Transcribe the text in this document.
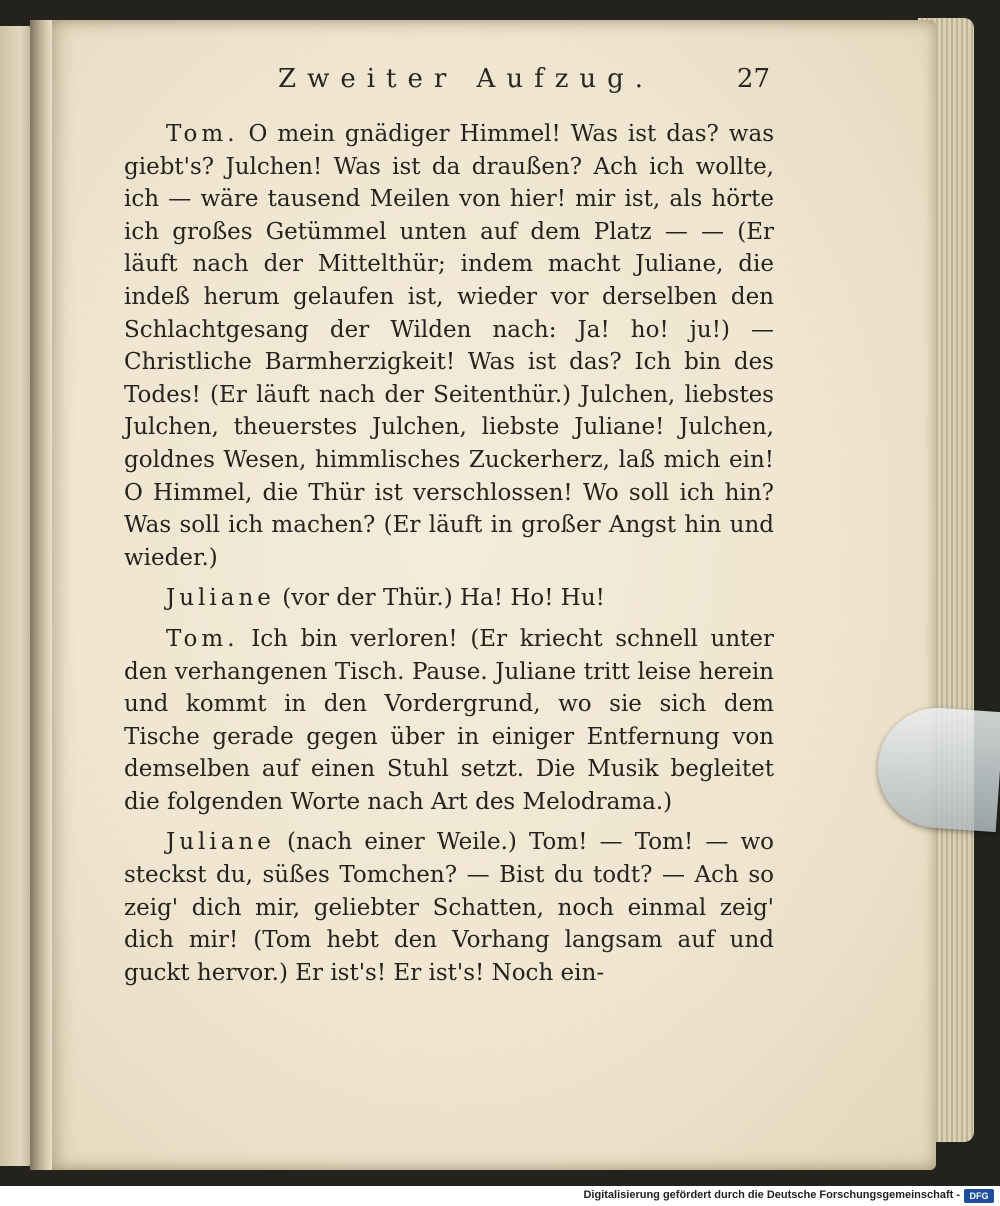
Zweiter Aufzug.	27

Tom. O mein gnädiger Himmel! Was ist das? was giebt's? Julchen! Was ist da draußen? Ach ich wollte, ich — wäre tausend Meilen von hier! mir ist, als hörte ich großes Getümmel unten auf dem Platz — — (Er läuft nach der Mittelthür; indem macht Juliane, die indeß herum gelaufen ist, wieder vor derselben den Schlachtgesang der Wilden nach: Ja! ho! ju!) — Christliche Barmherzigkeit! Was ist das? Ich bin des Todes! (Er läuft nach der Seitenthür.) Julchen, liebstes Julchen, theuerstes Julchen, liebste Juliane! Julchen, goldnes Wesen, himmlisches Zuckerherz, laß mich ein! O Himmel, die Thür ist verschlossen! Wo soll ich hin? Was soll ich machen? (Er läuft in großer Angst hin und wieder.)

Juliane (vor der Thür.) Ha! Ho! Hu!

Tom. Ich bin verloren! (Er kriecht schnell unter den verhangenen Tisch. Pause. Juliane tritt leise herein und kommt in den Vordergrund, wo sie sich dem Tische gerade gegen über in einiger Entfernung von demselben auf einen Stuhl setzt. Die Musik begleitet die folgenden Worte nach Art des Melodrama.)

Juliane (nach einer Weile.) Tom! — Tom! — wo steckst du, süßes Tomchen? — Bist du todt? — Ach so zeig' dich mir, geliebter Schatten, noch einmal zeig' dich mir! (Tom hebt den Vorhang langsam auf und guckt hervor.) Er ist's! Er ist's! Noch ein-

Digitalisierung gefördert durch die Deutsche Forschungsgemeinschaft -	DFG
